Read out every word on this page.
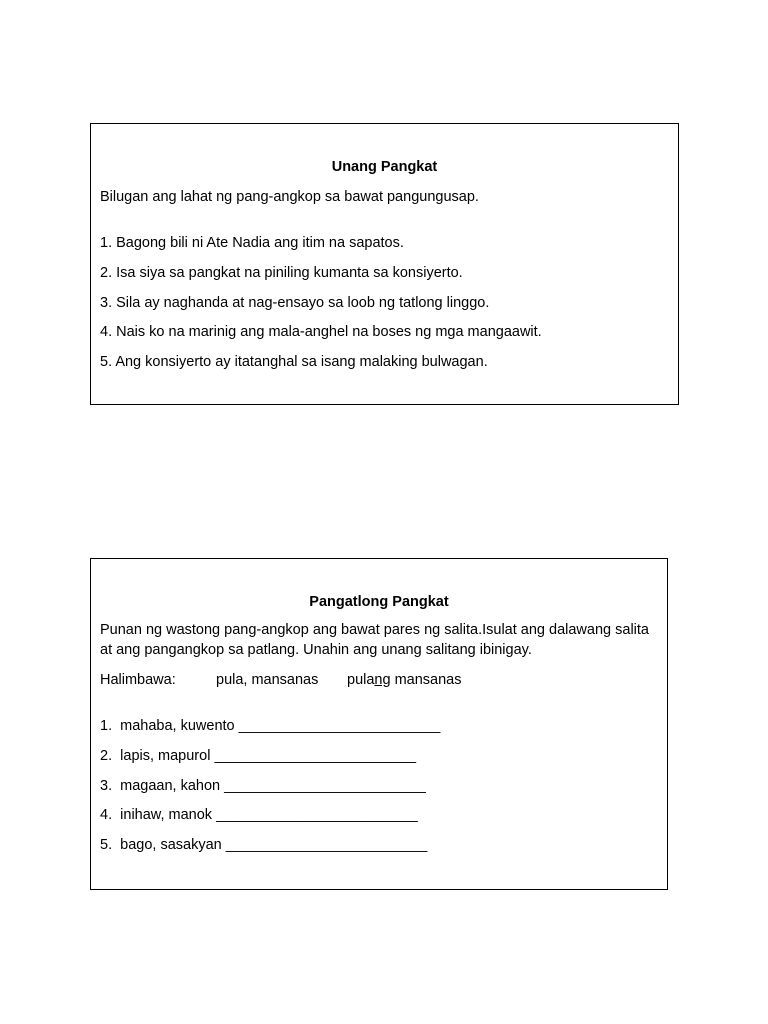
Unang Pangkat

Bilugan ang lahat ng pang-angkop sa bawat pangungusap.

1. Bagong bili ni Ate Nadia ang itim na sapatos.
2. Isa siya sa pangkat na piniling kumanta sa konsiyerto.
3. Sila ay naghanda at nag-ensayo sa loob ng tatlong linggo.
4. Nais ko na marinig ang mala-anghel na boses ng mga mangaawit.
5. Ang konsiyerto ay itatanghal sa isang malaking bulwagan.

Pangatlong Pangkat

Punan ng wastong pang-angkop ang bawat pares ng salita.Isulat ang dalawang salita at ang pangangkop sa patlang. Unahin ang unang salitang ibinigay.

Halimbawa:	pula, mansanas pulang mansanas
1. mahaba, kuwento _________________________
2. lapis, mapurol _________________________
3. magaan, kahon _________________________
4. inihaw, manok _________________________
5. bago, sasakyan _________________________
